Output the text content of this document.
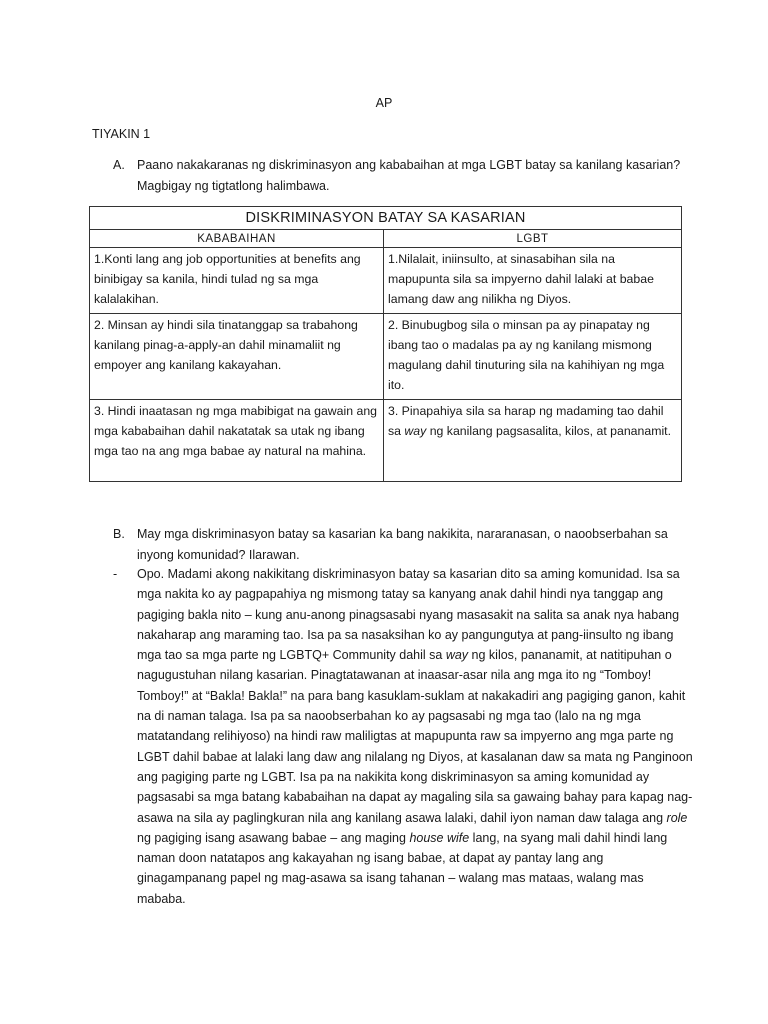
AP
TIYAKIN 1
A. Paano nakakaranas ng diskriminasyon ang kababaihan at mga LGBT batay sa kanilang kasarian? Magbigay ng tigtatlong halimbawa.
DISKRIMINASYON BATAY SA KASARIAN	
KABABAIHAN	LGBT
1.Konti lang ang job opportunities at benefits ang binibigay sa kanila, hindi tulad ng sa mga kalalakihan.	1.Nilalait, iniinsulto, at sinasabihan sila na mapupunta sila sa impyerno dahil lalaki at babae lamang daw ang nilikha ng Diyos.
2. Minsan ay hindi sila tinatanggap sa trabahong kanilang pinag-a-apply-an dahil minamaliit ng empoyer ang kanilang kakayahan.	2. Binubugbog sila o minsan pa ay pinapatay ng ibang tao o madalas pa ay ng kanilang mismong magulang dahil tinuturing sila na kahihiyan ng mga ito.
3. Hindi inaatasan ng mga mabibigat na gawain ang mga kababaihan dahil nakatatak sa utak ng ibang mga tao na ang mga babae ay natural na mahina.	3. Pinapahiya sila sa harap ng madaming tao dahil sa way ng kanilang pagsasalita, kilos, at pananamit.
B. May mga diskriminasyon batay sa kasarian ka bang nakikita, nararanasan, o naoobserbahan sa inyong komunidad? Ilarawan.
- Opo. Madami akong nakikitang diskriminasyon batay sa kasarian dito sa aming komunidad. Isa sa mga nakita ko ay pagpapahiya ng mismong tatay sa kanyang anak dahil hindi nya tanggap ang pagiging bakla nito – kung anu-anong pinagsasabi nyang masasakit na salita sa anak nya habang nakaharap ang maraming tao. Isa pa sa nasaksihan ko ay pangungutya at pang-iinsulto ng ibang mga tao sa mga parte ng LGBTQ+ Community dahil sa way ng kilos, pananamit, at natitipuhan o nagugustuhan nilang kasarian. Pinagtatawanan at inaasar-asar nila ang mga ito ng “Tomboy! Tomboy!” at “Bakla! Bakla!” na para bang kasuklam-suklam at nakakadiri ang pagiging ganon, kahit na di naman talaga. Isa pa sa naoobserbahan ko ay pagsasabi ng mga tao (lalo na ng mga matatandang relihiyoso) na hindi raw maliligtas at mapupunta raw sa impyerno ang mga parte ng LGBT dahil babae at lalaki lang daw ang nilalang ng Diyos, at kasalanan daw sa mata ng Panginoon ang pagiging parte ng LGBT. Isa pa na nakikita kong diskriminasyon sa aming komunidad ay pagsasabi sa mga batang kababaihan na dapat ay magaling sila sa gawaing bahay para kapag nag-asawa na sila ay paglingkuran nila ang kanilang asawa lalaki, dahil iyon naman daw talaga ang role ng pagiging isang asawang babae – ang maging house wife lang, na syang mali dahil hindi lang naman doon natatapos ang kakayahan ng isang babae, at dapat ay pantay lang ang ginagampanang papel ng mag-asawa sa isang tahanan – walang mas mataas, walang mas mababa.
